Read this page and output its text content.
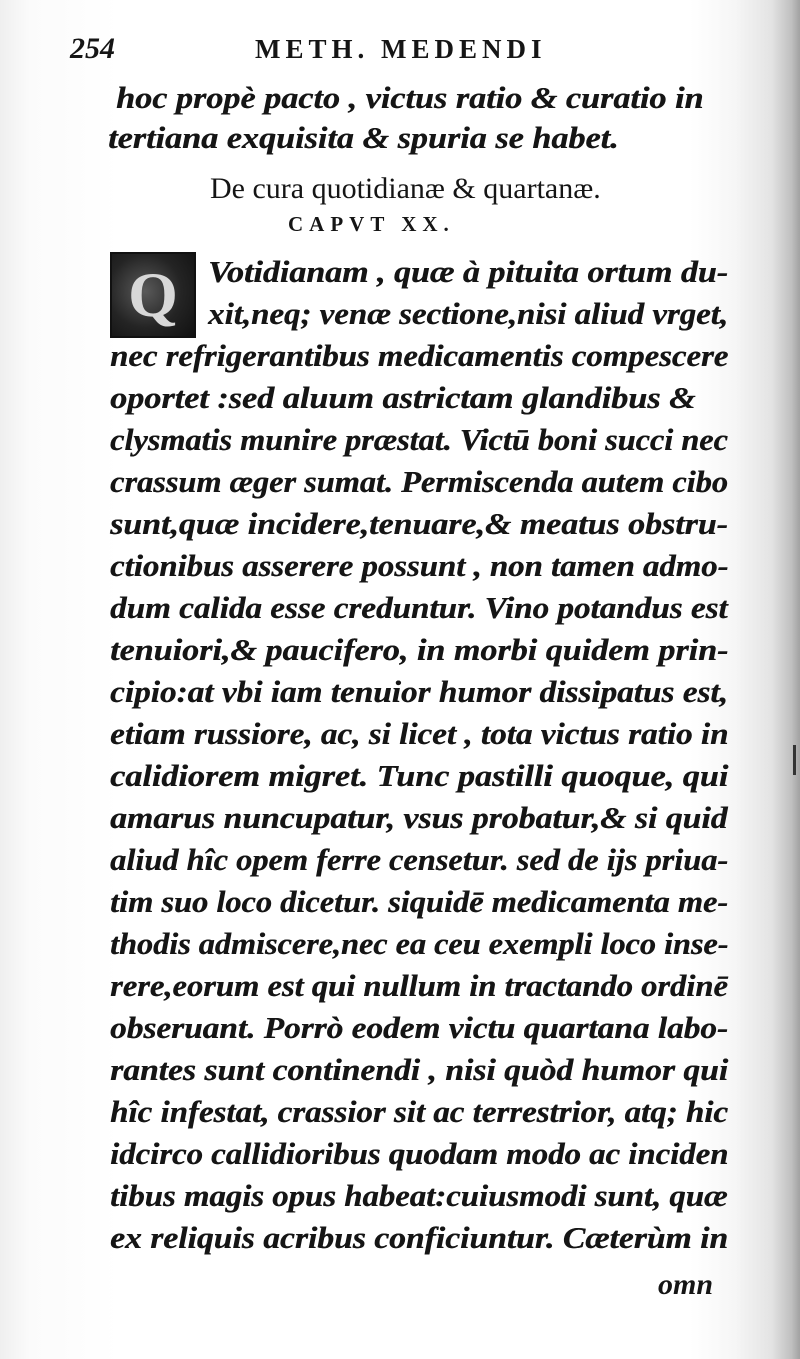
254	METH. MEDENDI
hoc propè pacto , victus ratio & curatio in
tertiana exquisita & spuria se habet.
De cura quotidianæ & quartanæ.
CAPVT XX.
Q Votidianam , quæ à pituita ortum du-
xit,neq; venæ sectione,nisi aliud vrget,
nec refrigerantibus medicamentis compescere
oportet :sed aluum astrictam glandibus &
clysmatis munire præstat. Victū boni succi nec
crassum æger sumat. Permiscenda autem cibo
sunt,quæ incidere,tenuare,& meatus obstru-
ctionibus asserere possunt , non tamen admo-
dum calida esse creduntur. Vino potandus est
tenuiori,& paucifero, in morbi quidem prin-
cipio:at vbi iam tenuior humor dissipatus est,
etiam russiore, ac, si licet , tota victus ratio in
calidiorem migret. Tunc pastilli quoque, qui
amarus nuncupatur, vsus probatur,& si quid
aliud hîc opem ferre censetur. sed de ijs priua-
tim suo loco dicetur. siquidē medicamenta me-
thodis admiscere,nec ea ceu exempli loco inse-
rere,eorum est qui nullum in tractando ordinē
obseruant. Porrò eodem victu quartana labo-
rantes sunt continendi , nisi quòd humor qui
hîc infestat, crassior sit ac terrestrior, atq; hic
idcirco callidioribus quodam modo ac inciden
tibus magis opus habeat:cuiusmodi sunt, quæ
ex reliquis acribus conficiuntur. Cæterùm in
omn
